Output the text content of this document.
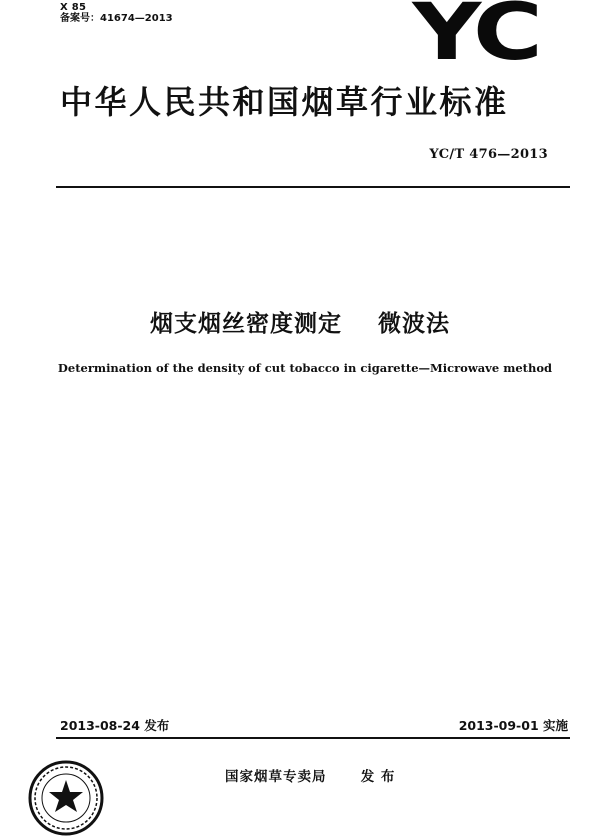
X 85
备案号：41674—2013	YC
中华人民共和国烟草行业标准
YC/T 476—2013
烟支烟丝密度测定    微波法
Determination of the density of cut tobacco in cigarette—Microwave method
2013-08-24 发布	2013-09-01 实施
国家烟草专卖局      发 布
